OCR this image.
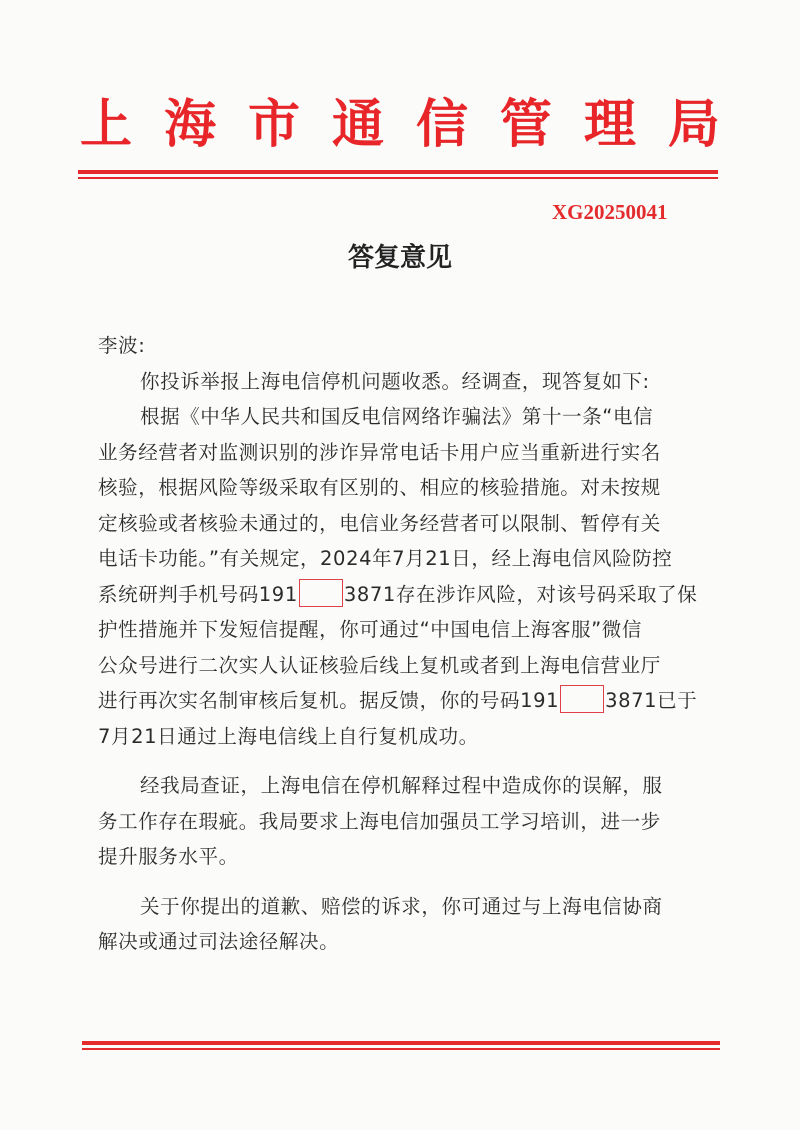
上 海 市 通 信 管 理 局
XG20250041
答复意见
李波:
你投诉举报上海电信停机问题收悉。经调查，现答复如下:
根据《中华人民共和国反电信网络诈骗法》第十一条“电信
业务经营者对监测识别的涉诈异常电话卡用户应当重新进行实名
核验，根据风险等级采取有区别的、相应的核验措施。对未按规
定核验或者核验未通过的，电信业务经营者可以限制、暂停有关
电话卡功能。”有关规定，2024年7月21日，经上海电信风险防控
系统研判手机号码191 3871存在涉诈风险，对该号码采取了保
护性措施并下发短信提醒，你可通过“中国电信上海客服”微信
公众号进行二次实人认证核验后线上复机或者到上海电信营业厅
进行再次实名制审核后复机。据反馈，你的号码191 3871已于
7月21日通过上海电信线上自行复机成功。
经我局查证，上海电信在停机解释过程中造成你的误解，服
务工作存在瑕疵。我局要求上海电信加强员工学习培训，进一步
提升服务水平。
关于你提出的道歉、赔偿的诉求，你可通过与上海电信协商
解决或通过司法途径解决。
